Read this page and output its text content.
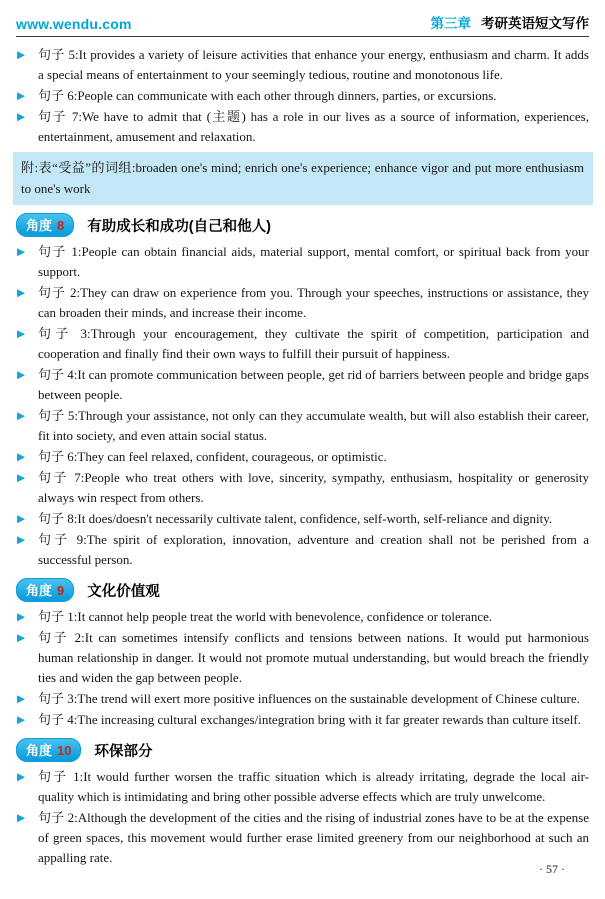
www.wendu.com	第三章 考研英语短文写作
▶ 句子 5:It provides a variety of leisure activities that enhance your energy, enthusiasm and charm. It adds a special means of entertainment to your seemingly tedious, routine and monotonous life.
▶ 句子 6:People can communicate with each other through dinners, parties, or excursions.
▶ 句子 7:We have to admit that (主题) has a role in our lives as a source of information, experiences, entertainment, amusement and relaxation.
附:表“受益”的词组:broaden one's mind; enrich one's experience; enhance vigor and put more enthusiasm to one's work
角度 8 有助成长和成功(自己和他人)
▶ 句子 1:People can obtain financial aids, material support, mental comfort, or spiritual back from your support.
▶ 句子 2:They can draw on experience from you. Through your speeches, instructions or assistance, they can broaden their minds, and increase their income.
▶ 句子 3:Through your encouragement, they cultivate the spirit of competition, participation and cooperation and finally find their own ways to fulfill their pursuit of happiness.
▶ 句子 4:It can promote communication between people, get rid of barriers between people and bridge gaps between people.
▶ 句子 5:Through your assistance, not only can they accumulate wealth, but will also establish their career, fit into society, and even attain social status.
▶ 句子 6:They can feel relaxed, confident, courageous, or optimistic.
▶ 句子 7:People who treat others with love, sincerity, sympathy, enthusiasm, hospitality or generosity always win respect from others.
▶ 句子 8:It does/doesn't necessarily cultivate talent, confidence, self-worth, self-reliance and dignity.
▶ 句子 9:The spirit of exploration, innovation, adventure and creation shall not be perished from a successful person.
角度 9 文化价值观
▶ 句子 1:It cannot help people treat the world with benevolence, confidence or tolerance.
▶ 句子 2:It can sometimes intensify conflicts and tensions between nations. It would put harmonious human relationship in danger. It would not promote mutual understanding, but would breach the friendly ties and widen the gap between people.
▶ 句子 3:The trend will exert more positive influences on the sustainable development of Chinese culture.
▶ 句子 4:The increasing cultural exchanges/integration bring with it far greater rewards than culture itself.
角度 10 环保部分
▶ 句子 1:It would further worsen the traffic situation which is already irritating, degrade the local air-quality which is intimidating and bring other possible adverse effects which are truly unwelcome.
▶ 句子 2:Although the development of the cities and the rising of industrial zones have to be at the expense of green spaces, this movement would further erase limited greenery from our neighborhood at such an appalling rate.
· 57 ·
